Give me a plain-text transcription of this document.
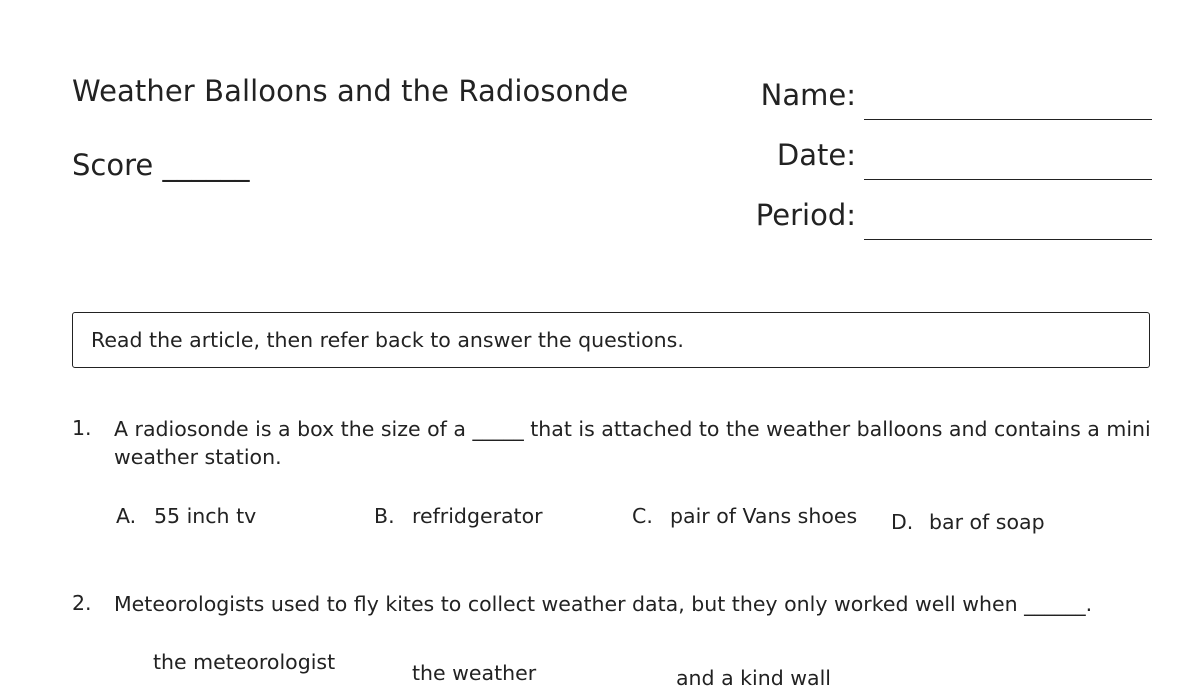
Weather Balloons and the Radiosonde
Score ______
Name:
Date:
Period:
Read the article, then refer back to answer the questions.
1. A radiosonde is a box the size of a _____ that is attached to the weather balloons and contains a mini weather station.
A. 55 inch tv	B. refridgerator	C. pair of Vans shoes D. bar of soap
2. Meteorologists used to fly kites to collect weather data, but they only worked well when ______.
the meteorologist	the weather	and a kind wall
